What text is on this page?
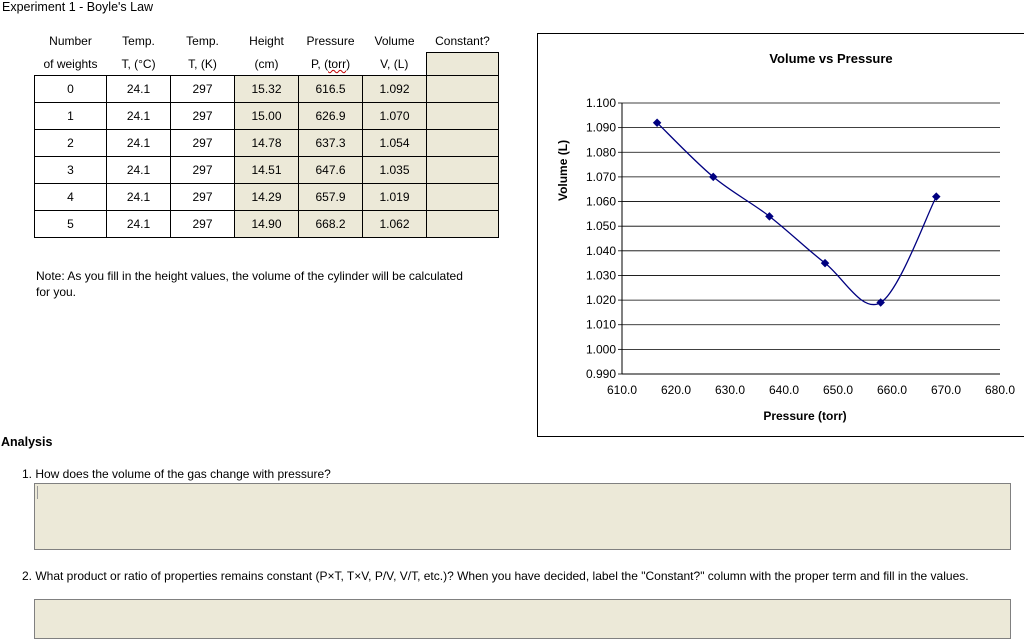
Experiment 1 - Boyle's Law
Number	Temp.	Temp.	Height	Pressure	Volume	Constant?
of weights	T, (°C)	T, (K)	(cm)	P, (torr)	V, (L)	
0	24.1	297	15.32	616.5	1.092	
1	24.1	297	15.00	626.9	1.070	
2	24.1	297	14.78	637.3	1.054	
3	24.1	297	14.51	647.6	1.035	
4	24.1	297	14.29	657.9	1.019	
5	24.1	297	14.90	668.2	1.062	
Note: As you fill in the height values, the volume of the cylinder will be calculated for you.
Volume vs Pressure
0.990
1.000
1.010
1.020
1.030
1.040
1.050
1.060
1.070
1.080
1.090
1.100
610.0 620.0 630.0 640.0 650.0 660.0 670.0 680.0
Pressure (torr)
Volume (L)
Analysis
1. How does the volume of the gas change with pressure?
2. What product or ratio of properties remains constant (P×T, T×V, P/V, V/T, etc.)? When you have decided, label the "Constant?" column with the proper term and fill in the values.
